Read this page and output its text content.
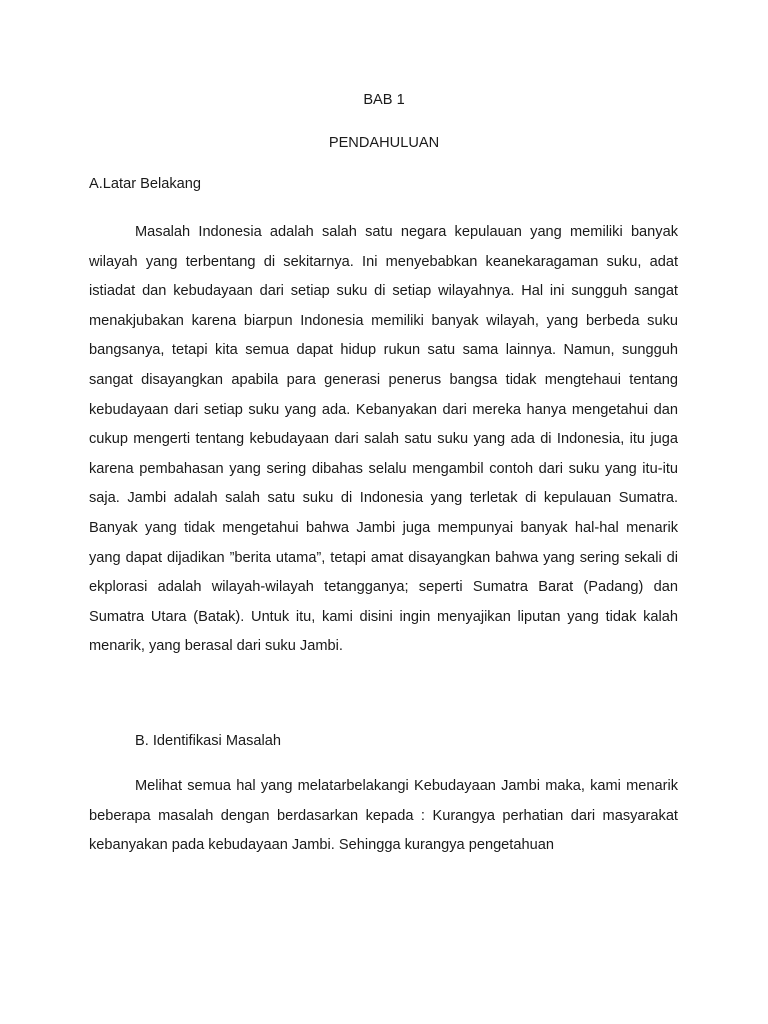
BAB 1
PENDAHULUAN
A.Latar Belakang

Masalah Indonesia adalah salah satu negara kepulauan yang memiliki banyak wilayah yang terbentang di sekitarnya. Ini menyebabkan keanekaragaman suku, adat istiadat dan kebudayaan dari setiap suku di setiap wilayahnya. Hal ini sungguh sangat menakjubakan karena biarpun Indonesia memiliki banyak wilayah, yang berbeda suku bangsanya, tetapi kita semua dapat hidup rukun satu sama lainnya. Namun, sungguh sangat disayangkan apabila para generasi penerus bangsa tidak mengtehaui tentang kebudayaan dari setiap suku yang ada. Kebanyakan dari mereka hanya mengetahui dan cukup mengerti tentang kebudayaan dari salah satu suku yang ada di Indonesia, itu juga karena pembahasan yang sering dibahas selalu mengambil contoh dari suku yang itu-itu saja. Jambi adalah salah satu suku di Indonesia yang terletak di kepulauan Sumatra. Banyak yang tidak mengetahui bahwa Jambi juga mempunyai banyak hal-hal menarik yang dapat dijadikan ”berita utama”, tetapi amat disayangkan bahwa yang sering sekali di ekplorasi adalah wilayah-wilayah tetangganya; seperti Sumatra Barat (Padang) dan Sumatra Utara (Batak). Untuk itu, kami disini ingin menyajikan liputan yang tidak kalah menarik, yang berasal dari suku Jambi.

B. Identifikasi Masalah

Melihat semua hal yang melatarbelakangi Kebudayaan Jambi maka, kami menarik beberapa masalah dengan berdasarkan kepada : Kurangya perhatian dari masyarakat kebanyakan pada kebudayaan Jambi. Sehingga kurangya pengetahuan
